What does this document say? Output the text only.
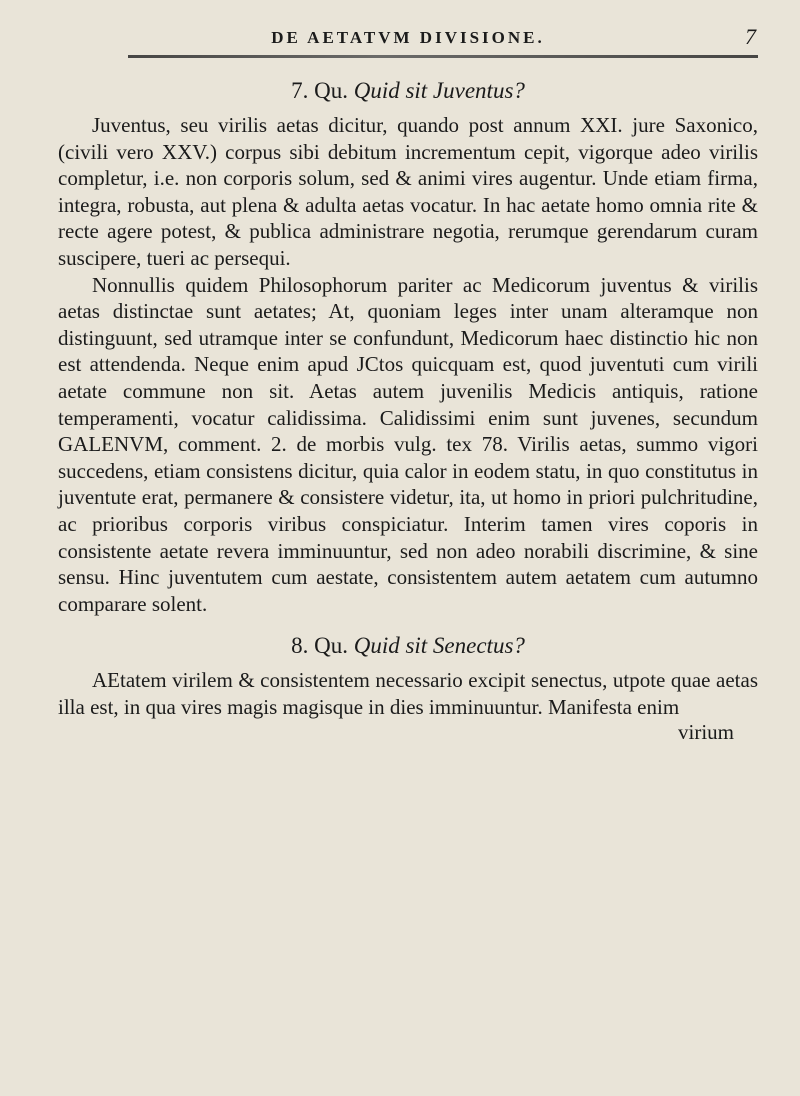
DE AETATVM DIVISIONE.	7
7. Qu. Quid sit Juventus?

Juventus, seu virilis aetas dicitur, quando post annum XXI. jure Saxonico, (civili vero XXV.) corpus sibi debitum incrementum cepit, vigorque adeo virilis completur, i.e. non corporis solum, sed & animi vires augentur. Unde etiam firma, integra, robusta, aut plena & adulta aetas vocatur. In hac aetate homo omnia rite & recte agere potest, & publica administrare negotia, rerumque gerendarum curam suscipere, tueri ac persequi.

Nonnullis quidem Philosophorum pariter ac Medicorum juventus & virilis aetas distinctae sunt aetates; At, quoniam leges inter unam alteramque non distinguunt, sed utramque inter se confundunt, Medicorum haec distinctio hic non est attendenda. Neque enim apud JCtos quicquam est, quod juventuti cum virili aetate commune non sit. Aetas autem juvenilis Medicis antiquis, ratione temperamenti, vocatur calidissima. Calidissimi enim sunt juvenes, secundum GALENVM, comment. 2. de morbis vulg. tex 78. Virilis aetas, summo vigori succedens, etiam consistens dicitur, quia calor in eodem statu, in quo constitutus in juventute erat, permanere & consistere videtur, ita, ut homo in priori pulchritudine, ac prioribus corporis viribus conspiciatur. Interim tamen vires coporis in consistente aetate revera imminuuntur, sed non adeo norabili discrimine, & sine sensu. Hinc juventutem cum aestate, consistentem autem aetatem cum autumno comparare solent.

8. Qu. Quid sit Senectus?

AEtatem virilem & consistentem necessario excipit senectus, utpote quae aetas illa est, in qua vires magis magisque in dies imminuuntur. Manifesta enim

virium
